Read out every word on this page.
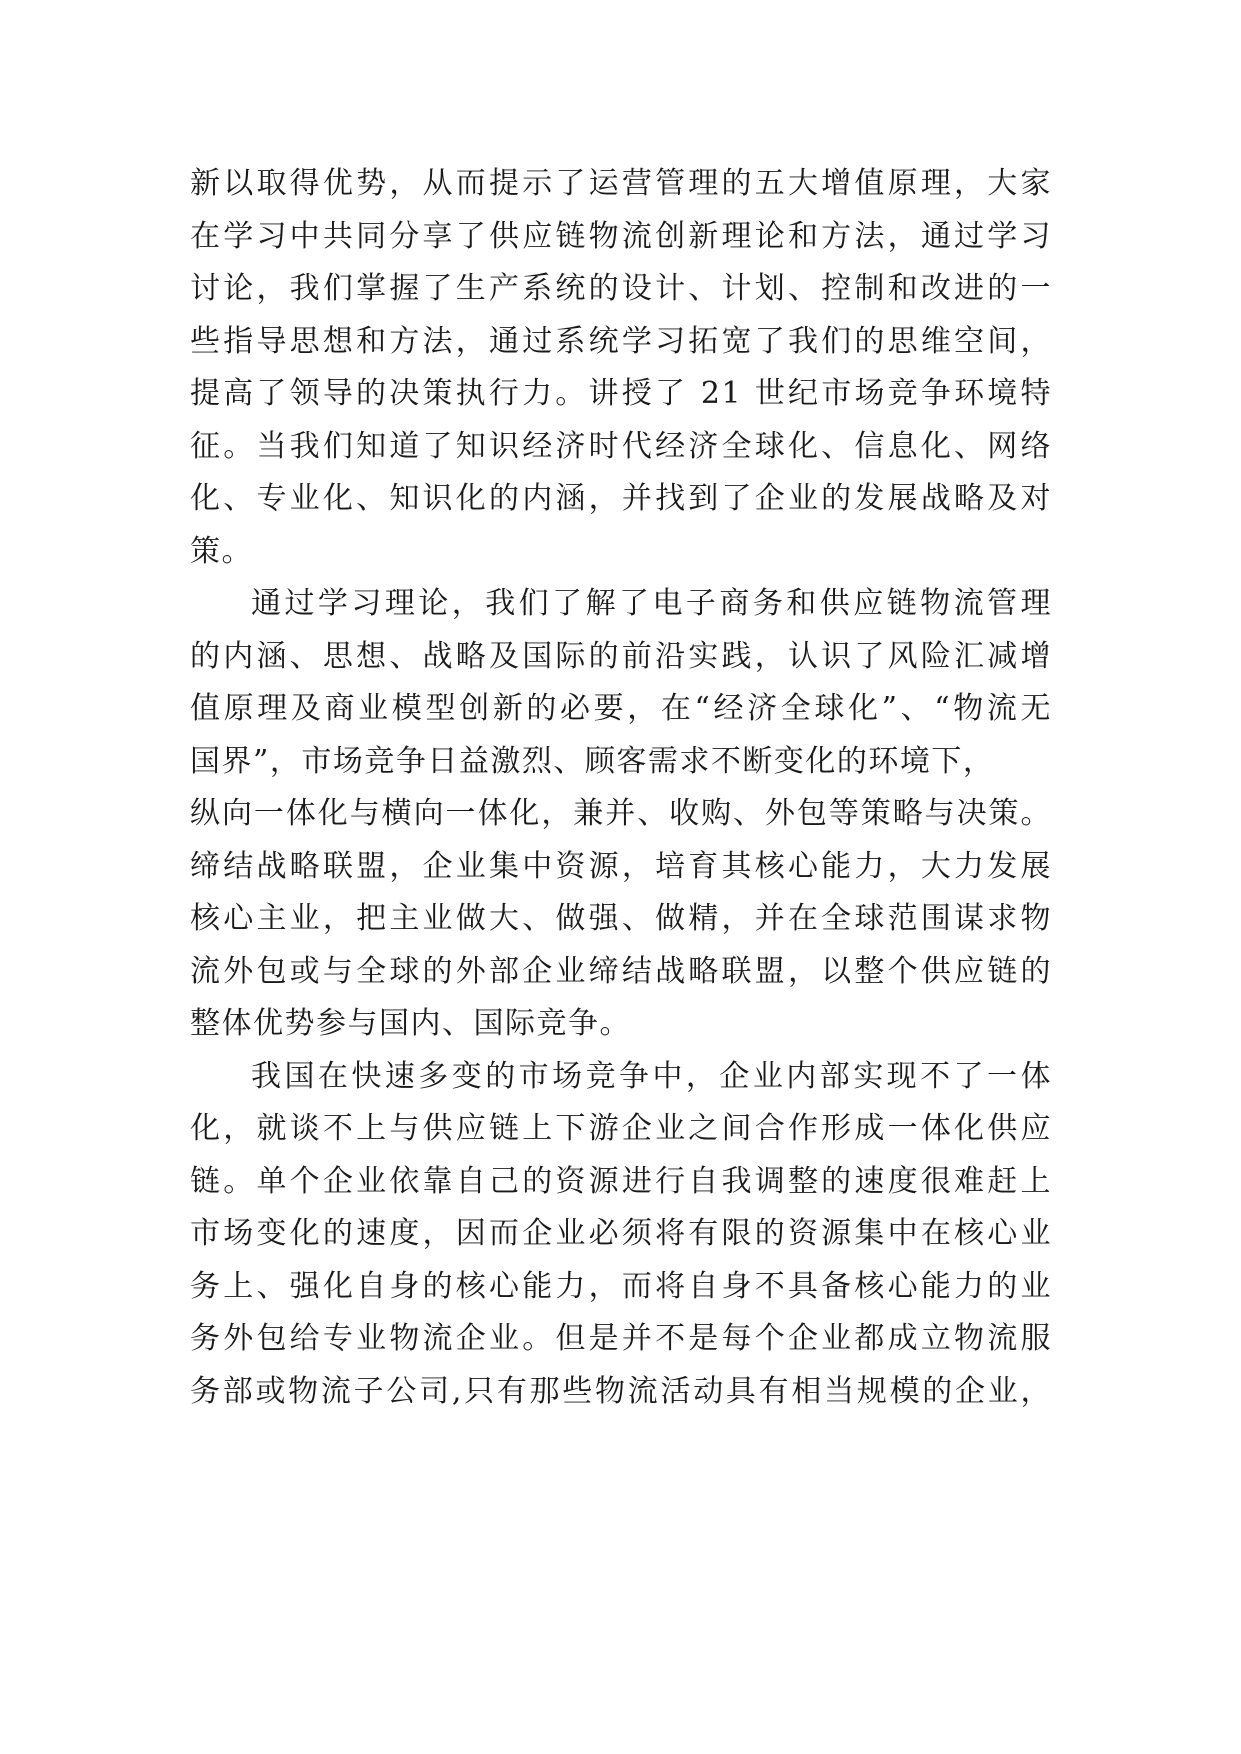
新以取得优势，从而提示了运营管理的五大增值原理，大家
在学习中共同分享了供应链物流创新理论和方法，通过学习
讨论，我们掌握了生产系统的设计、计划、控制和改进的一
些指导思想和方法，通过系统学习拓宽了我们的思维空间，
提高了领导的决策执行力。讲授了 21 世纪市场竞争环境特
征。当我们知道了知识经济时代经济全球化、信息化、网络
化、专业化、知识化的内涵，并找到了企业的发展战略及对
策。
通过学习理论，我们了解了电子商务和供应链物流管理
的内涵、思想、战略及国际的前沿实践，认识了风险汇减增
值原理及商业模型创新的必要，在“经济全球化”、“物流无
国界”，市场竞争日益激烈、顾客需求不断变化的环境下，
纵向一体化与横向一体化，兼并、收购、外包等策略与决策。
缔结战略联盟，企业集中资源，培育其核心能力，大力发展
核心主业，把主业做大、做强、做精，并在全球范围谋求物
流外包或与全球的外部企业缔结战略联盟，以整个供应链的
整体优势参与国内、国际竞争。
我国在快速多变的市场竞争中，企业内部实现不了一体
化，就谈不上与供应链上下游企业之间合作形成一体化供应
链。单个企业依靠自己的资源进行自我调整的速度很难赶上
市场变化的速度，因而企业必须将有限的资源集中在核心业
务上、强化自身的核心能力，而将自身不具备核心能力的业
务外包给专业物流企业。但是并不是每个企业都成立物流服
务部或物流子公司,只有那些物流活动具有相当规模的企业，
